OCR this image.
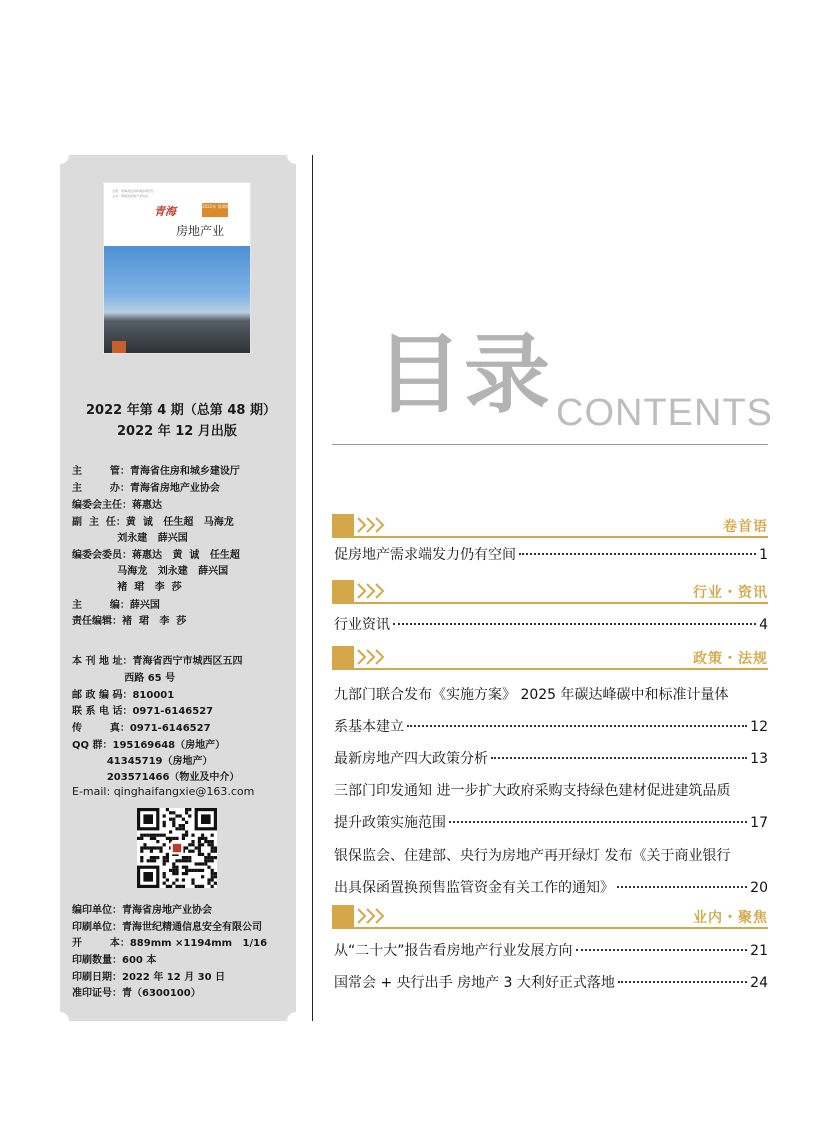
主管：青海省住房和城乡建设厅
主办：青海省房地产业协会
青海	2022年 第4期
房地产业
2022 年第 4 期（总第 48 期）
2022 年 12 月出版
主        管：青海省住房和城乡建设厅
主        办：青海省房地产业协会
编委会主任：蒋惠达
副  主  任：黄  诚   任生超   马海龙
刘永建   薛兴国
编委会委员：蒋惠达   黄  诚   任生超
马海龙   刘永建   薛兴国
褚  珺   李  莎
主        编：薛兴国
责任编辑：褚  珺   李  莎
本 刊 地 址：青海省西宁市城西区五四
西路 65 号
邮 政 编 码：810001
联 系 电 话：0971-6146527
传        真：0971-6146527
QQ 群：195169648（房地产）
41345719（房地产）
203571466（物业及中介）
E-mail: qinghaifangxie@163.com
编印单位：青海省房地产业协会
印刷单位：青海世纪精通信息安全有限公司
开        本：889mm ×1194mm   1/16
印刷数量：600 本
印刷日期：2022 年 12 月 30 日
准印证号：青（6300100）
目录 CONTENTS
卷首语
促房地产需求端发力仍有空间	1
行业・资讯
行业资讯	4
政策・法规
九部门联合发布《实施方案》 2025 年碳达峰碳中和标准计量体
系基本建立	12
最新房地产四大政策分析	13
三部门印发通知 进一步扩大政府采购支持绿色建材促进建筑品质
提升政策实施范围	17
银保监会、住建部、央行为房地产再开绿灯 发布《关于商业银行
出具保函置换预售监管资金有关工作的通知》	20
业内・聚焦
从“二十大”报告看房地产行业发展方向	21
国常会 + 央行出手 房地产 3 大利好正式落地	24
